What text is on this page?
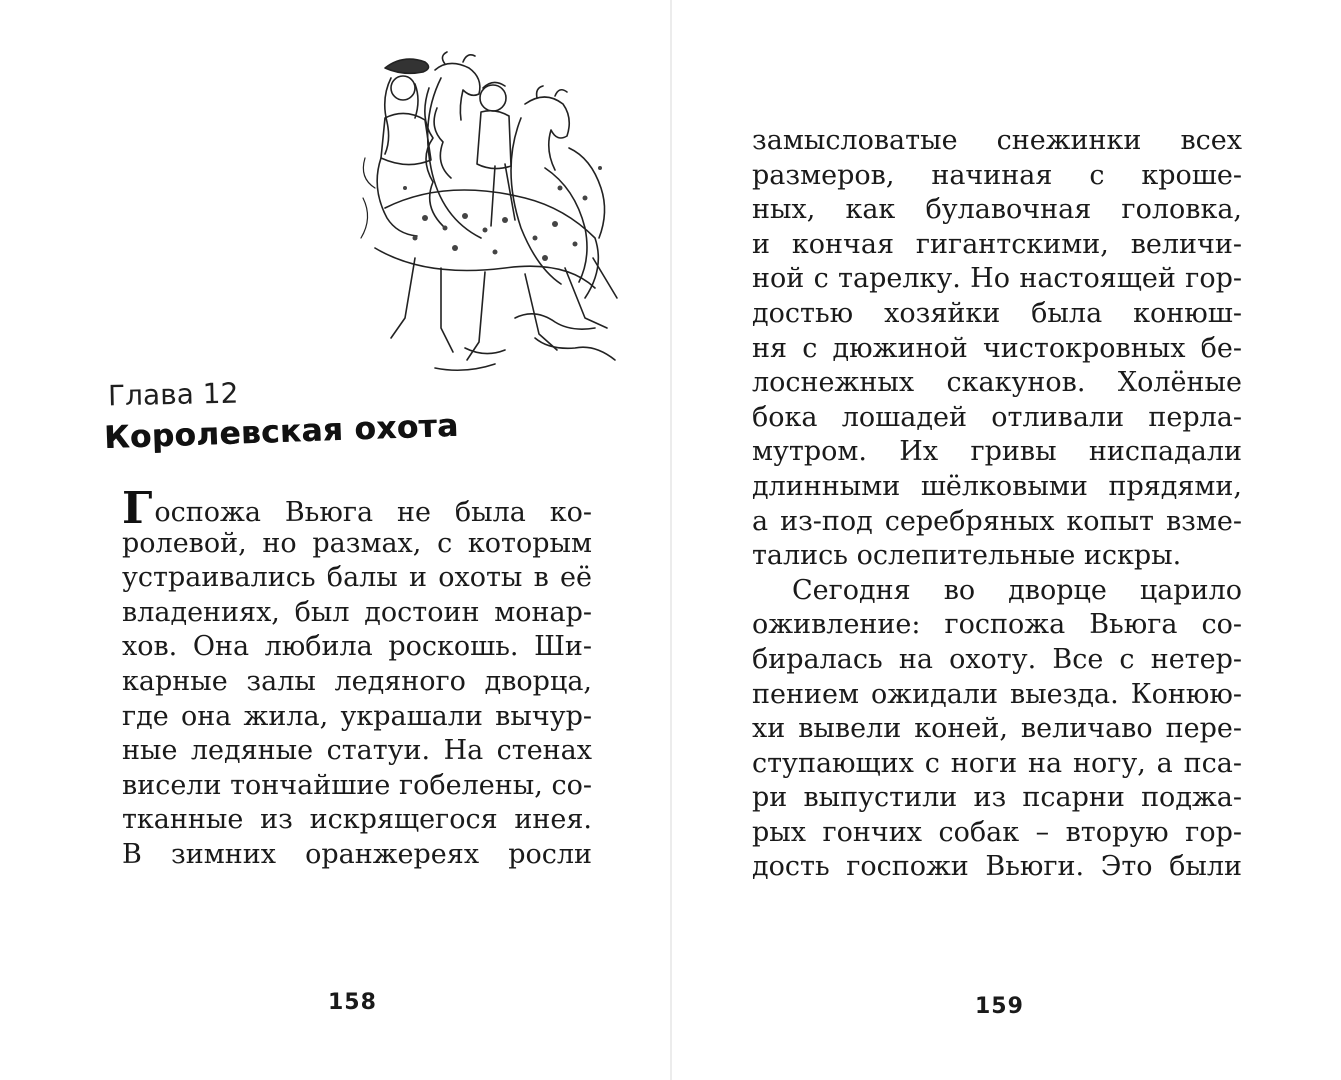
Глава 12
Королевская охота
Госпожа Вьюга не была ко-
ролевой, но размах, с которым
устраивались балы и охоты в её
владениях, был достоин монар-
хов. Она любила роскошь. Ши-
карные залы ледяного дворца,
где она жила, украшали вычур-
ные ледяные статуи. На стенах
висели тончайшие гобелены, со-
тканные из искрящегося инея.
В зимних оранжереях росли
158
замысловатые снежинки всех
размеров, начиная с кроше-
ных, как булавочная головка,
и кончая гигантскими, величи-
ной с тарелку. Но настоящей гор-
достью хозяйки была конюш-
ня с дюжиной чистокровных бе-
лоснежных скакунов. Холёные
бока лошадей отливали перла-
мутром. Их гривы ниспадали
длинными шёлковыми прядями,
а из-под серебряных копыт взме-
тались ослепительные искры.
Сегодня во дворце царило
оживление: госпожа Вьюга со-
биралась на охоту. Все с нетер-
пением ожидали выезда. Конюю-
хи вывели коней, величаво пере-
ступающих с ноги на ногу, а пса-
ри выпустили из псарни поджа-
рых гончих собак – вторую гор-
дость госпожи Вьюги. Это были
159
